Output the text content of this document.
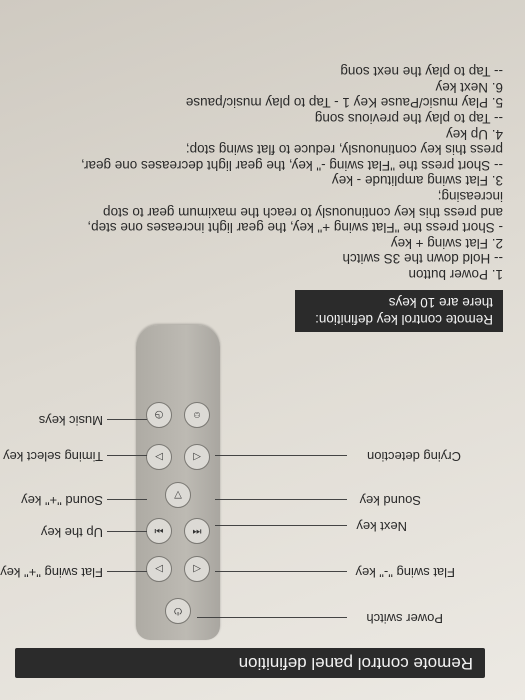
Remote control panel definition
⏻
◁
▷
⏮
▽
⏭
◁
▷
☺
◷
Power switch
Flat swing "-" key
Next key
Sound key
Crying detection
Flat swing "+" key
Up the key
Sound "+" key
Timing select key
Music keys
Remote control key definition:
there are 10 keys

1. Power button

-- Hold down the 3S switch

2. Flat swing + key

- Short press the "Flat swing +" key, the gear light increases one step,

and press this key continuously to reach the maximum gear to stop

increasing;

3. Flat swing amplitude - key

-- Short press the "Flat swing -" key, the gear light decreases one gear,

press this key continuously, reduce to flat swing stop;

4. Up key

-- Tap to play the previous song

5. Play music/Pause Key 1 - Tap to play music/pause

6. Next key

-- Tap to play the next song
